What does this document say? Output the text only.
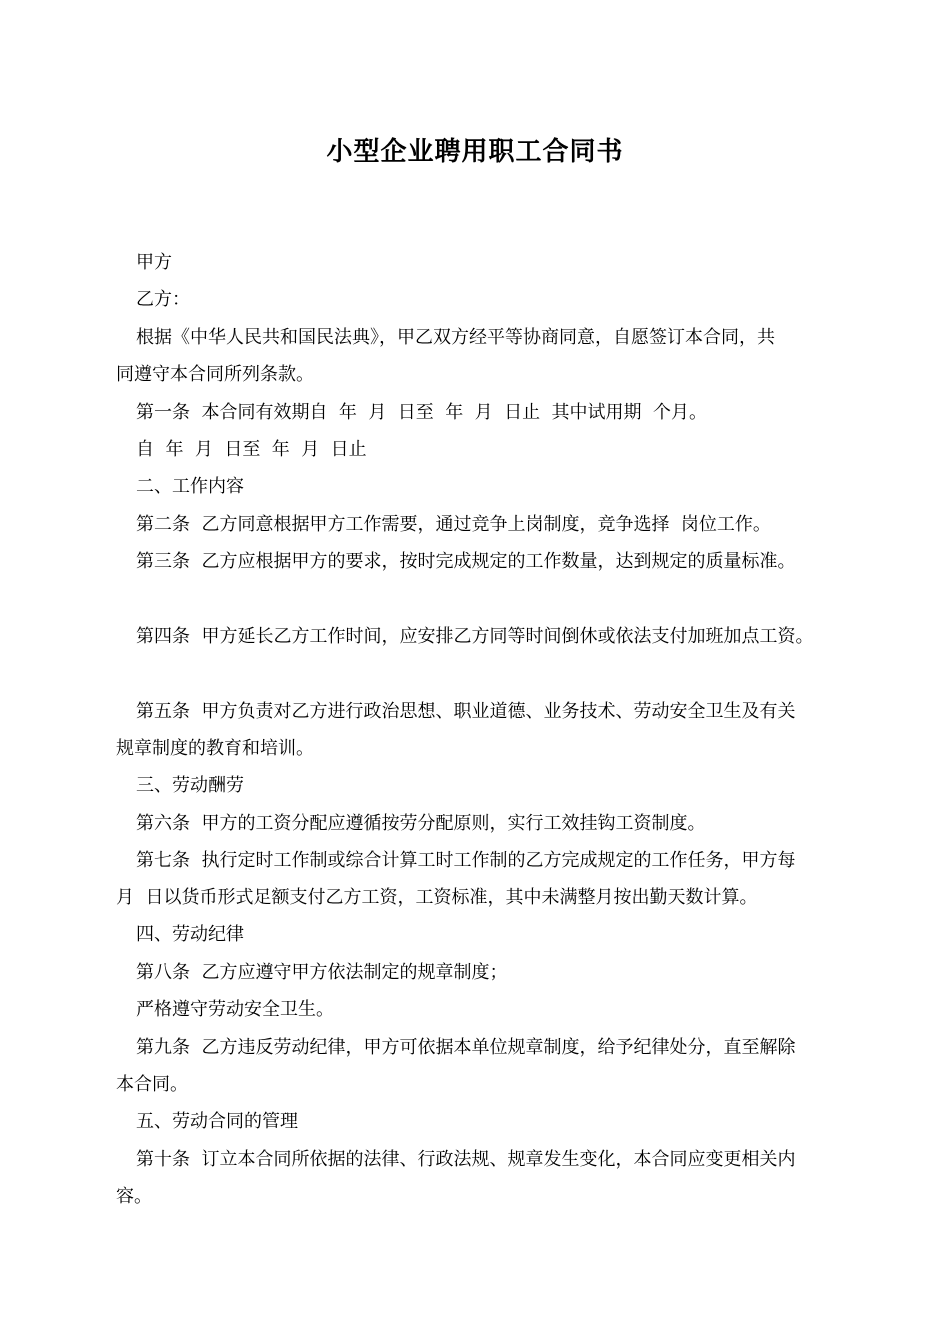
小型企业聘用职工合同书
甲方
乙方：
根据《中华人民共和国民法典》，甲乙双方经平等协商同意，自愿签订本合同，共
同遵守本合同所列条款。
第一条  本合同有效期自  年  月  日至  年  月  日止  其中试用期  个月。
自  年  月  日至  年  月  日止
二、工作内容
第二条  乙方同意根据甲方工作需要，通过竞争上岗制度，竞争选择  岗位工作。
第三条  乙方应根据甲方的要求，按时完成规定的工作数量，达到规定的质量标准。
第四条  甲方延长乙方工作时间，应安排乙方同等时间倒休或依法支付加班加点工资。
第五条  甲方负责对乙方进行政治思想、职业道德、业务技术、劳动安全卫生及有关
规章制度的教育和培训。
三、劳动酬劳
第六条  甲方的工资分配应遵循按劳分配原则，实行工效挂钩工资制度。
第七条  执行定时工作制或综合计算工时工作制的乙方完成规定的工作任务，甲方每
月  日以货币形式足额支付乙方工资，工资标准，其中未满整月按出勤天数计算。
四、劳动纪律
第八条  乙方应遵守甲方依法制定的规章制度；
严格遵守劳动安全卫生。
第九条  乙方违反劳动纪律，甲方可依据本单位规章制度，给予纪律处分，直至解除
本合同。
五、劳动合同的管理
第十条  订立本合同所依据的法律、行政法规、规章发生变化，本合同应变更相关内
容。
